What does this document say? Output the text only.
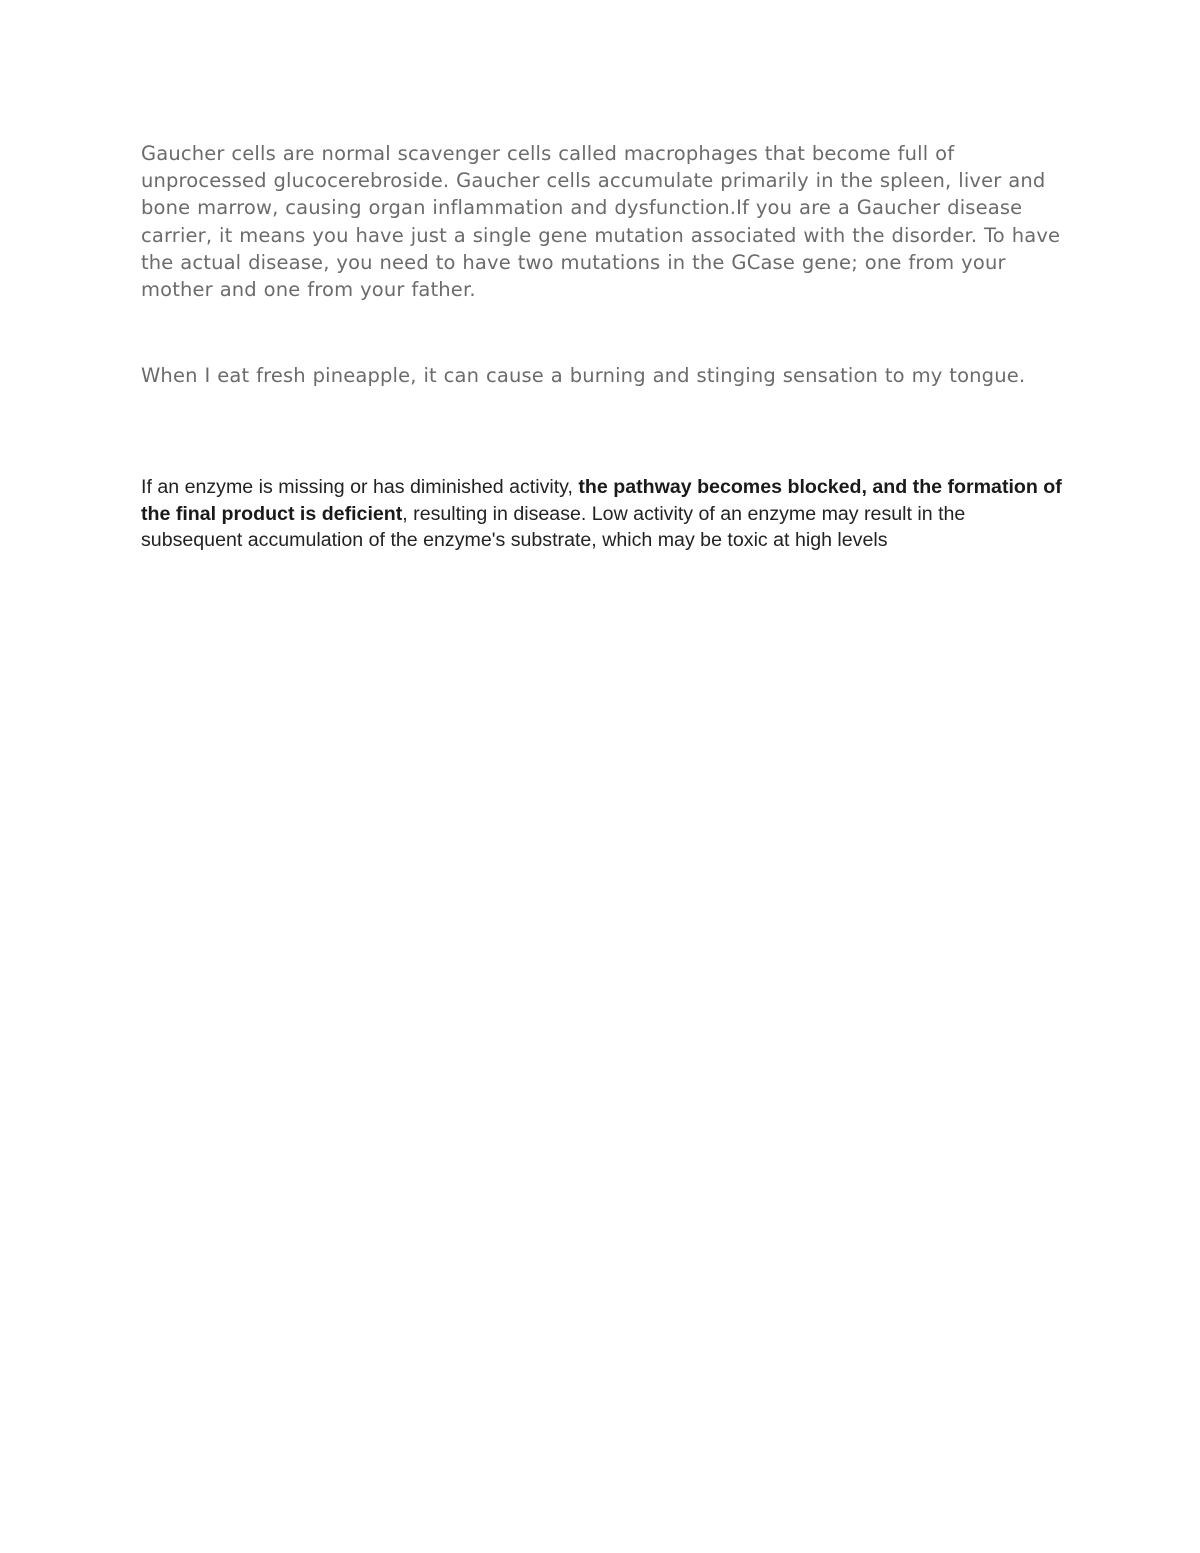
Gaucher cells are normal scavenger cells called macrophages that become full of unprocessed glucocerebroside. Gaucher cells accumulate primarily in the spleen, liver and bone marrow, causing organ inflammation and dysfunction.If you are a Gaucher disease carrier, it means you have just a single gene mutation associated with the disorder. To have the actual disease, you need to have two mutations in the GCase gene; one from your mother and one from your father.

When I eat fresh pineapple, it can cause a burning and stinging sensation to my tongue.

If an enzyme is missing or has diminished activity, the pathway becomes blocked, and the formation of the final product is deficient, resulting in disease. Low activity of an enzyme may result in the subsequent accumulation of the enzyme's substrate, which may be toxic at high levels
